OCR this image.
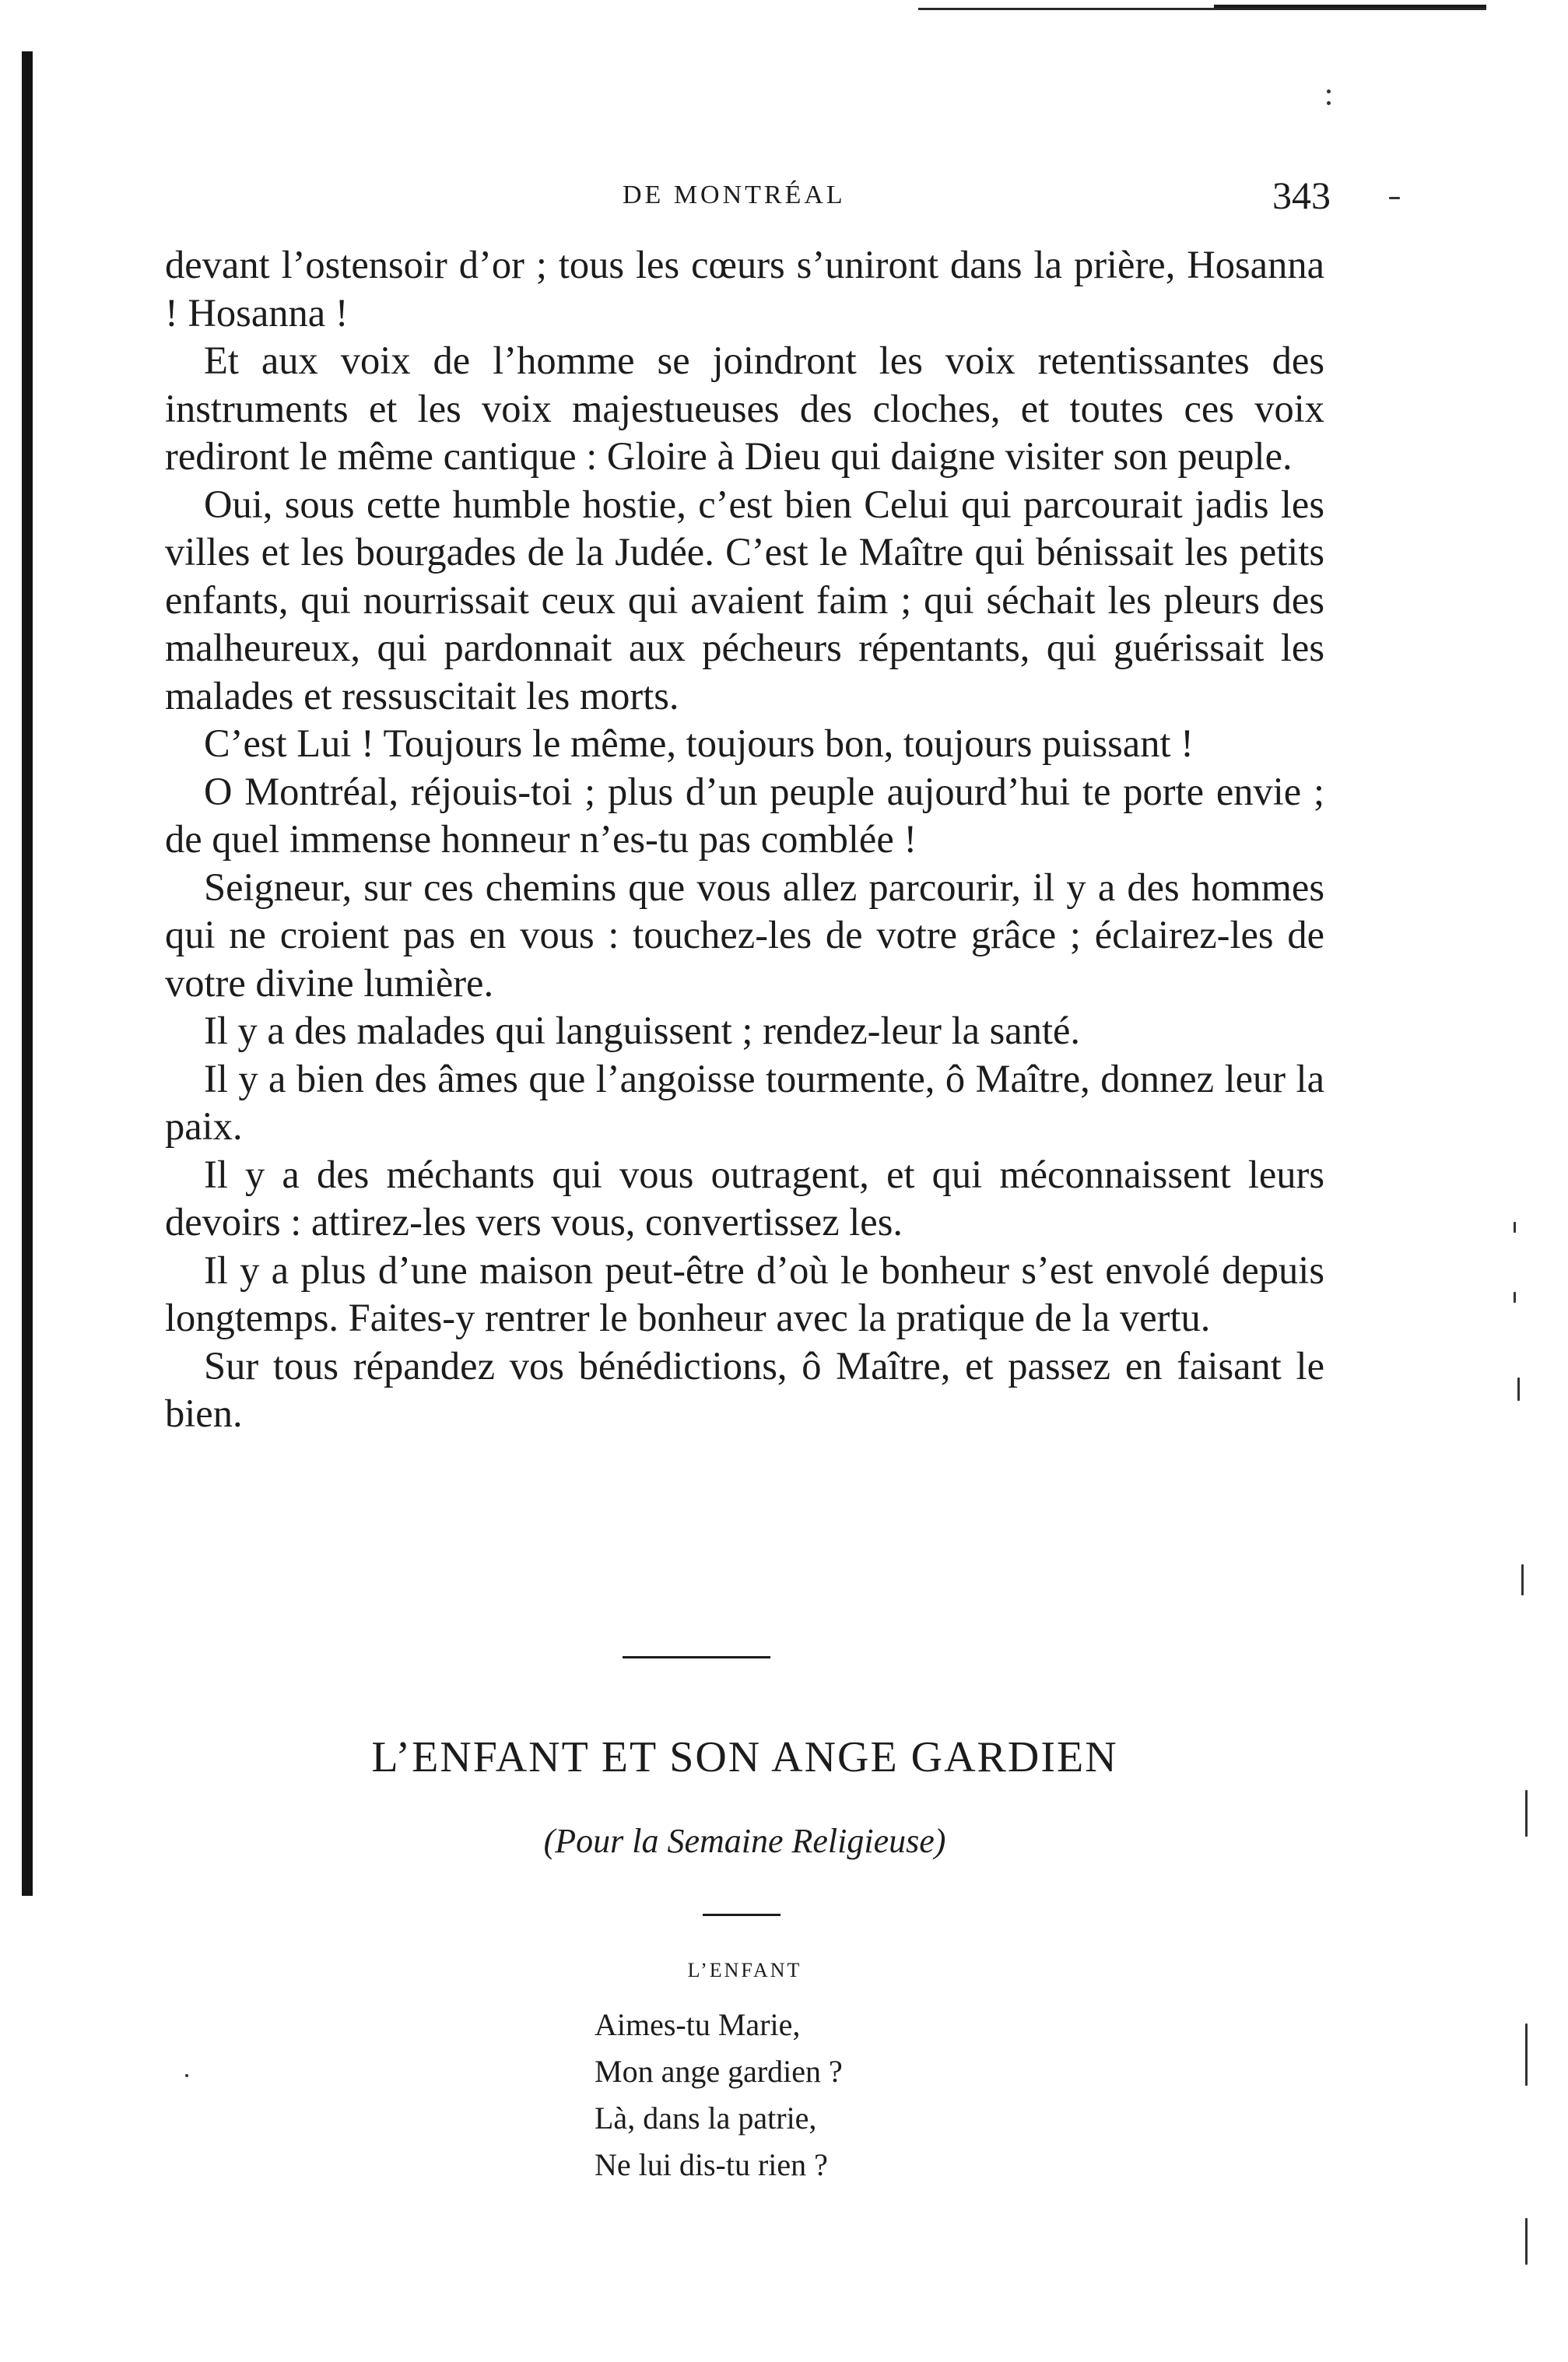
DE MONTRÉAL	343

devant l’ostensoir d’or ; tous les cœurs s’uniront dans la prière, Hosanna ! Hosanna !

Et aux voix de l’homme se joindront les voix retentissantes des instruments et les voix majestueuses des cloches, et toutes ces voix rediront le même cantique : Gloire à Dieu qui daigne visiter son peuple.

Oui, sous cette humble hostie, c’est bien Celui qui parcourait jadis les villes et les bourgades de la Judée. C’est le Maître qui bénissait les petits enfants, qui nourrissait ceux qui avaient faim ; qui séchait les pleurs des malheureux, qui pardonnait aux pécheurs répentants, qui guérissait les malades et ressuscitait les morts.

C’est Lui ! Toujours le même, toujours bon, toujours puissant !

O Montréal, réjouis-toi ; plus d’un peuple aujourd’hui te porte envie ; de quel immense honneur n’es-tu pas comblée !

Seigneur, sur ces chemins que vous allez parcourir, il y a des hommes qui ne croient pas en vous : touchez-les de votre grâce ; éclairez-les de votre divine lumière.

Il y a des malades qui languissent ; rendez-leur la santé.

Il y a bien des âmes que l’angoisse tourmente, ô Maître, donnez leur la paix.

Il y a des méchants qui vous outragent, et qui méconnaissent leurs devoirs : attirez-les vers vous, convertissez les.

Il y a plus d’une maison peut-être d’où le bonheur s’est envolé depuis longtemps. Faites-y rentrer le bonheur avec la pratique de la vertu.

Sur tous répandez vos bénédictions, ô Maître, et passez en faisant le bien.

L’ENFANT ET SON ANGE GARDIEN
(Pour la Semaine Religieuse)
L’ENFANT
Aimes-tu Marie,
Mon ange gardien ?
Là, dans la patrie,
Ne lui dis-tu rien ?
